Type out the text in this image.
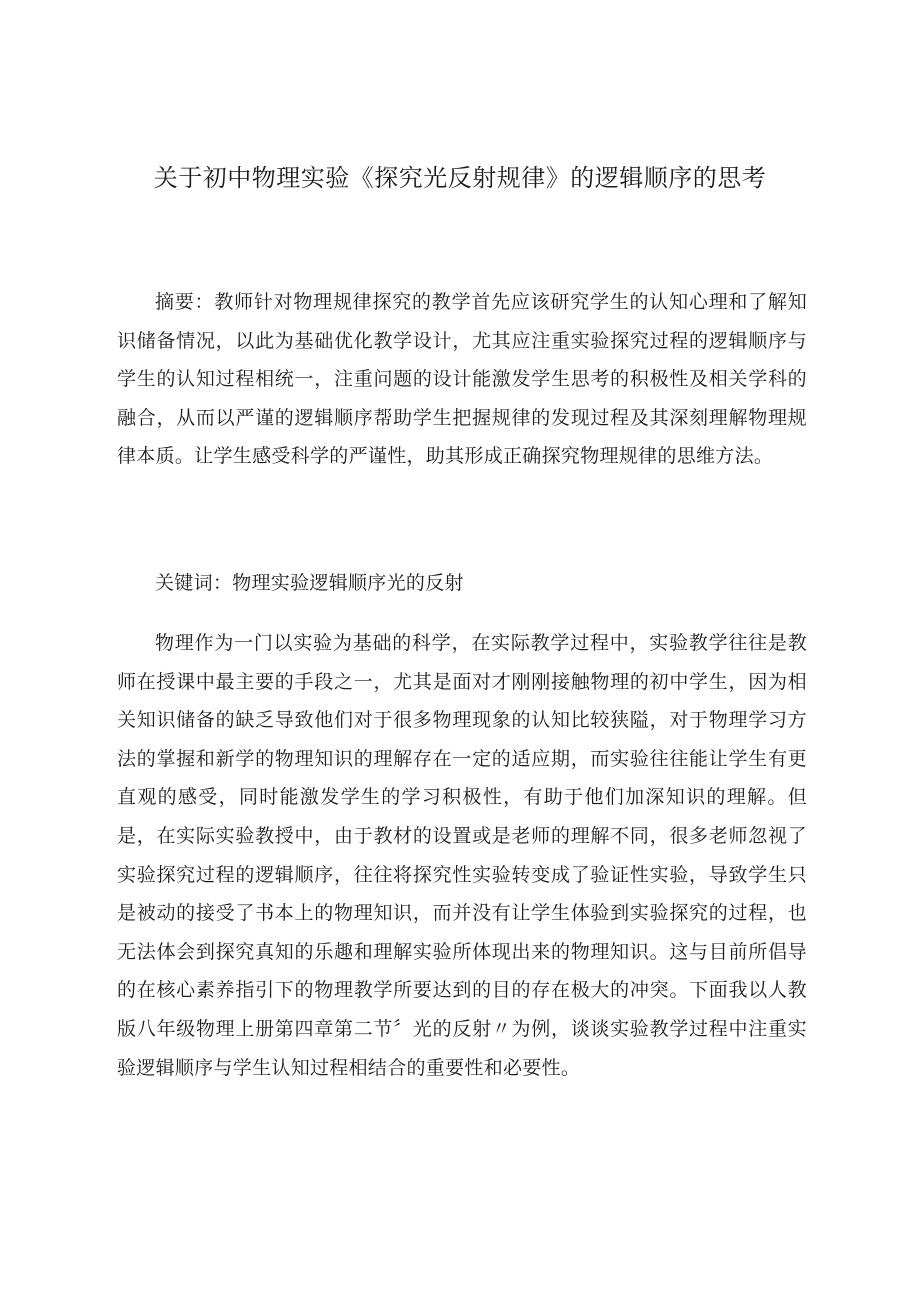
关于初中物理实验《探究光反射规律》的逻辑顺序的思考

摘要：教师针对物理规律探究的教学首先应该研究学生的认知心理和了解知识储备情况，以此为基础优化教学设计，尤其应注重实验探究过程的逻辑顺序与学生的认知过程相统一，注重问题的设计能激发学生思考的积极性及相关学科的融合，从而以严谨的逻辑顺序帮助学生把握规律的发现过程及其深刻理解物理规律本质。让学生感受科学的严谨性，助其形成正确探究物理规律的思维方法。

关键词：物理实验逻辑顺序光的反射

物理作为一门以实验为基础的科学，在实际教学过程中，实验教学往往是教师在授课中最主要的手段之一，尤其是面对才刚刚接触物理的初中学生，因为相关知识储备的缺乏导致他们对于很多物理现象的认知比较狭隘，对于物理学习方法的掌握和新学的物理知识的理解存在一定的适应期，而实验往往能让学生有更直观的感受，同时能激发学生的学习积极性，有助于他们加深知识的理解。但是，在实际实验教授中，由于教材的设置或是老师的理解不同，很多老师忽视了实验探究过程的逻辑顺序，往往将探究性实验转变成了验证性实验，导致学生只是被动的接受了书本上的物理知识，而并没有让学生体验到实验探究的过程，也无法体会到探究真知的乐趣和理解实验所体现出来的物理知识。这与目前所倡导的在核心素养指引下的物理教学所要达到的目的存在极大的冲突。下面我以人教版八年级物理上册第四章第二节〞光的反射〃为例，谈谈实验教学过程中注重实验逻辑顺序与学生认知过程相结合的重要性和必要性。
